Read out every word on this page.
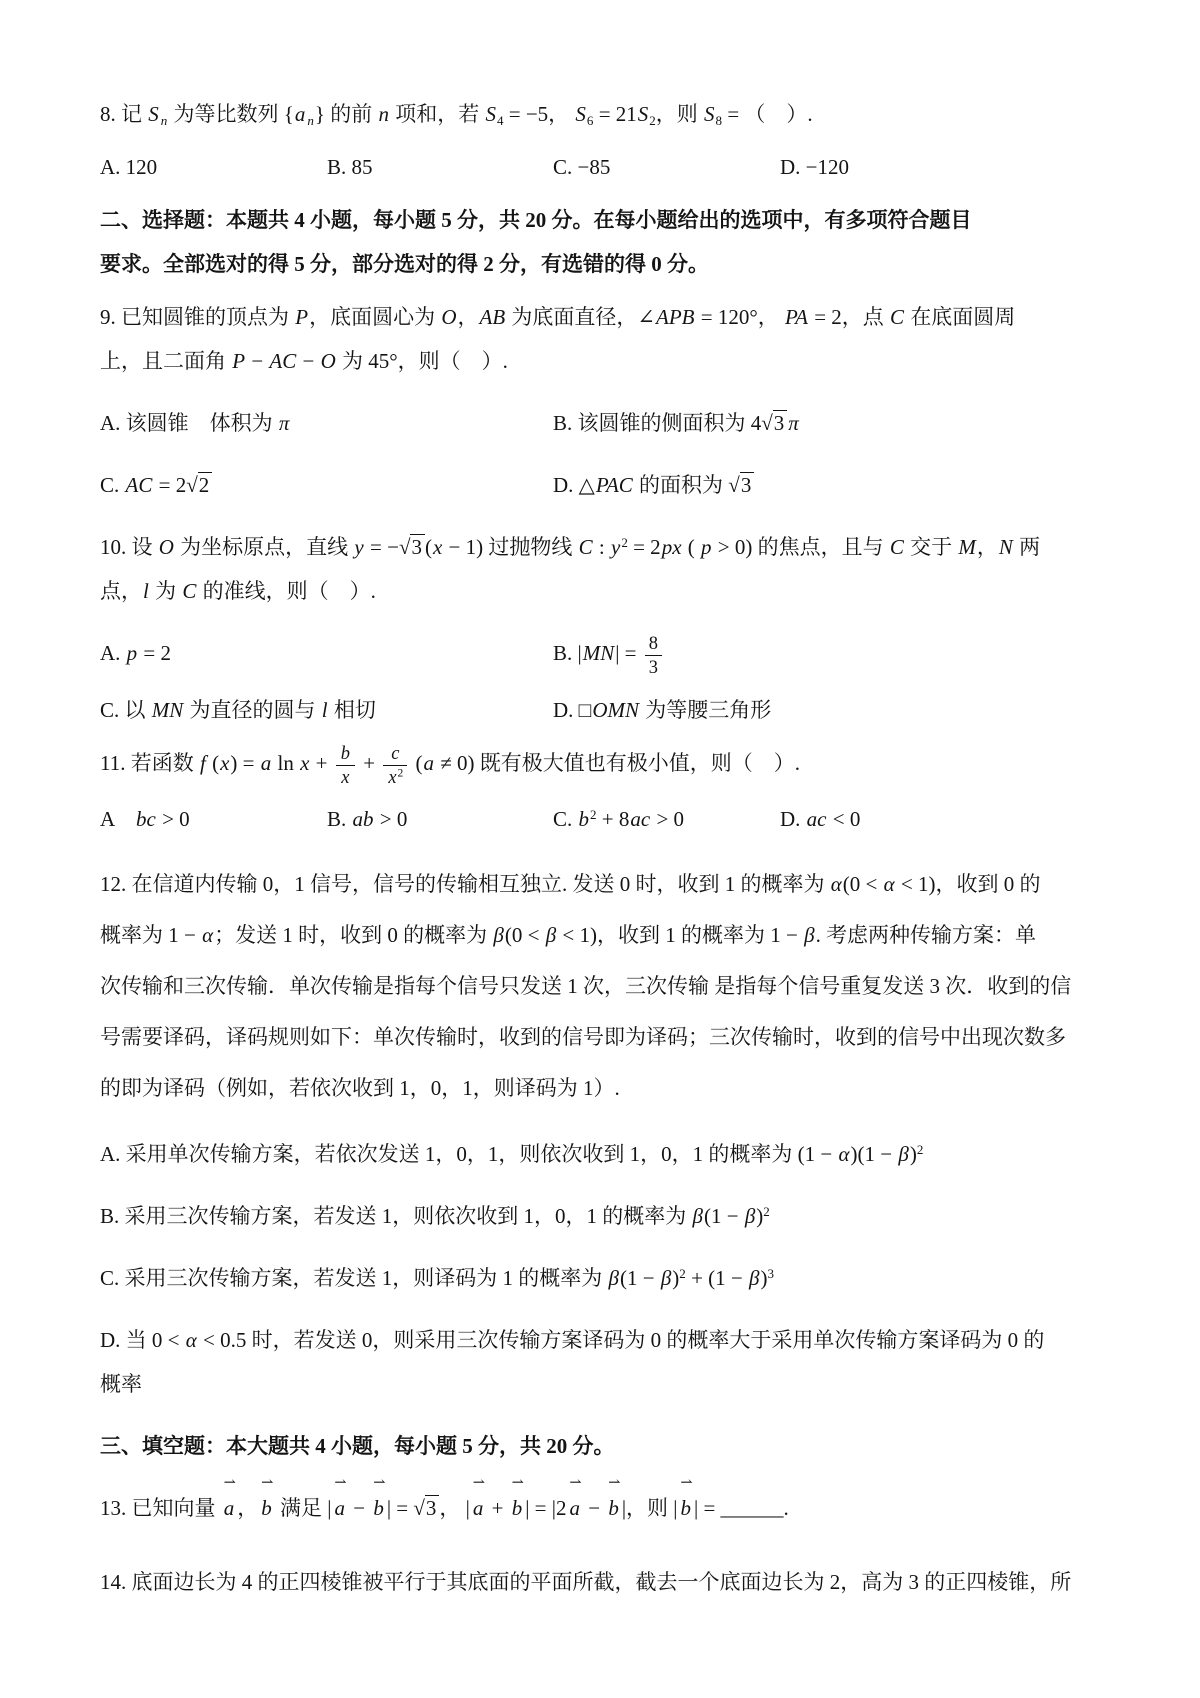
8. 记 S $_n$ 为等比数列 {a $_n$} 的前 n 项和，若 $S_4 = -5$， $S_6 = 21S_2$，则 $S_8$ = （　）.
A. 120	B. 85	C. −85	D. −120
二、选择题：本题共 4 小题，每小题 5 分，共 20 分。在每小题给出的选项中，有多项符合题目
要求。全部选对的得 5 分，部分选对的得 2 分，有选错的得 0 分。
9. 已知圆锥的顶点为 P，底面圆心为 O，AB 为底面直径，∠APB = 120°， PA = 2，点 C 在底面圆周
上，且二面角 P − AC − O 为 45°，则（　）.
A. 该圆锥　体积为 π	B. 该圆锥的侧面积为 4√3 π
C. AC = 2√2	D. △PAC 的面积为 √3
10. 设 O 为坐标原点，直线 y = −√3 (x − 1) 过抛物线 C : $y^2 = 2px$ ( p > 0) 的焦点，且与 C 交于 M，N 两
点，l 为 C 的准线，则（　）.
A. p = 2	B. $|MN| = \frac{8}{3}$
C. 以 MN 为直径的圆与 l 相切	D. □OMN 为等腰三角形
11. 若函数 f (x) = a $\ln x + \frac{b}{x} + \frac{c}{x^2} (a \ne 0)$ 既有极大值也有极小值，则（　）.
A　bc > 0	B. ab > 0	C. $b^2 + 8ac > 0$	D. ac < 0
12. 在信道内传输 0，1 信号，信号的传输相互独立. 发送 0 时，收到 1 的概率为 α(0 < α < 1)，收到 0 的
概率为 1 − α；发送 1 时，收到 0 的概率为 β(0 < β < 1)，收到 1 的概率为 1 − β. 考虑两种传输方案：单
次传输和三次传输．单次传输是指每个信号只发送 1 次，三次传输 是指每个信号重复发送 3 次．收到的信
号需要译码，译码规则如下：单次传输时，收到的信号即为译码；三次传输时，收到的信号中出现次数多
的即为译码（例如，若依次收到 1，0，1，则译码为 1）.
A. 采用单次传输方案，若依次发送 1，0，1，则依次收到 1，0，1 的概率为 $(1 - \alpha)(1 - \beta)^2$
B. 采用三次传输方案，若发送 1，则依次收到 1，0，1 的概率为 $\beta(1 - \beta)^2$
C. 采用三次传输方案，若发送 1，则译码为 1 的概率为 $\beta(1 - \beta)^2 + (1 - \beta)^3$
D. 当 0 < α < 0.5 时，若发送 0，则采用三次传输方案译码为 0 的概率大于采用单次传输方案译码为 0 的
概率
三、填空题：本大题共 4 小题，每小题 5 分，共 20 分。
13. 已知向量
⇀
a ，
⇀
b 满足 |
⇀
a −
⇀
b | = √3 ， |
⇀
a +
⇀
b | = |2
⇀
a −
⇀
b |，则 |
⇀
b | = ______.
14. 底面边长为 4 的正四棱锥被平行于其底面的平面所截，截去一个底面边长为 2，高为 3 的正四棱锥，所
